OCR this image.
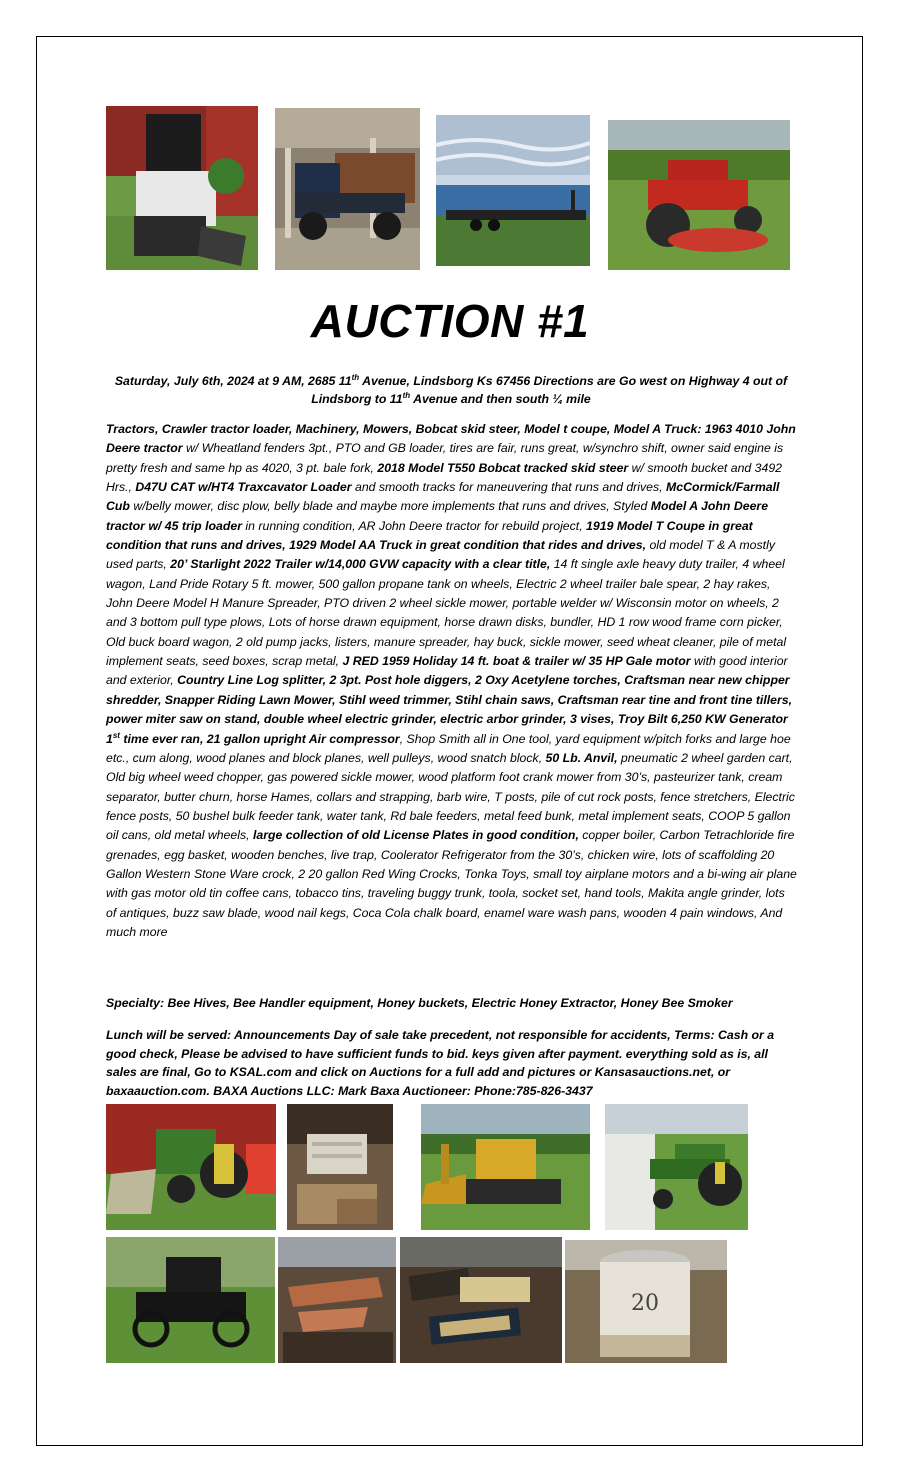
AUCTION #1
Saturday, July 6th, 2024 at 9 AM, 2685 11th Avenue, Lindsborg Ks 67456 Directions are Go west on Highway 4 out of Lindsborg to 11th Avenue and then south ¼ mile
Tractors, Crawler tractor loader, Machinery, Mowers, Bobcat skid steer, Model t coupe, Model A Truck: 1963 4010 John Deere tractor w/ Wheatland fenders 3pt., PTO and GB loader, tires are fair, runs great, w/synchro shift, owner said engine is pretty fresh and same hp as 4020, 3 pt. bale fork, 2018 Model T550 Bobcat tracked skid steer w/ smooth bucket and 3492 Hrs., D47U CAT w/HT4 Traxcavator Loader and smooth tracks for maneuvering that runs and drives, McCormick/Farmall Cub w/belly mower, disc plow, belly blade and maybe more implements that runs and drives, Styled Model A John Deere tractor w/ 45 trip loader in running condition, AR John Deere tractor for rebuild project, 1919 Model T Coupe in great condition that runs and drives, 1929 Model AA Truck in great condition that rides and drives, old model T & A mostly used parts, 20’ Starlight 2022 Trailer w/14,000 GVW capacity with a clear title, 14 ft single axle heavy duty trailer, 4 wheel wagon, Land Pride Rotary 5 ft. mower, 500 gallon propane tank on wheels, Electric 2 wheel trailer bale spear, 2 hay rakes, John Deere Model H Manure Spreader, PTO driven 2 wheel sickle mower, portable welder w/ Wisconsin motor on wheels, 2 and 3 bottom pull type plows, Lots of horse drawn equipment, horse drawn disks, bundler, HD 1 row wood frame corn picker, Old buck board wagon, 2 old pump jacks, listers, manure spreader, hay buck, sickle mower, seed wheat cleaner, pile of metal implement seats, seed boxes, scrap metal, J RED 1959 Holiday 14 ft. boat & trailer w/ 35 HP Gale motor with good interior and exterior, Country Line Log splitter, 2 3pt. Post hole diggers, 2 Oxy Acetylene torches, Craftsman near new chipper shredder, Snapper Riding Lawn Mower, Stihl weed trimmer, Stihl chain saws, Craftsman rear tine and front tine tillers, power miter saw on stand, double wheel electric grinder, electric arbor grinder, 3 vises, Troy Bilt 6,250 KW Generator 1st time ever ran, 21 gallon upright Air compressor, Shop Smith all in One tool, yard equipment w/pitch forks and large hoe etc., cum along, wood planes and block planes, well pulleys, wood snatch block, 50 Lb. Anvil, pneumatic 2 wheel garden cart, Old big wheel weed chopper, gas powered sickle mower, wood platform foot crank mower from 30’s, pasteurizer tank, cream separator, butter churn, horse Hames, collars and strapping, barb wire, T posts, pile of cut rock posts, fence stretchers, Electric fence posts, 50 bushel bulk feeder tank, water tank, Rd bale feeders, metal feed bunk, metal implement seats, COOP 5 gallon oil cans, old metal wheels, large collection of old License Plates in good condition, copper boiler, Carbon Tetrachloride fire grenades, egg basket, wooden benches, live trap, Coolerator Refrigerator from the 30’s, chicken wire, lots of scaffolding 20 Gallon Western Stone Ware crock, 2 20 gallon Red Wing Crocks, Tonka Toys, small toy airplane motors and a bi-wing air plane with gas motor old tin coffee cans, tobacco tins, traveling buggy trunk, toola, socket set, hand tools, Makita angle grinder, lots of antiques, buzz saw blade, wood nail kegs, Coca Cola chalk board, enamel ware wash pans, wooden 4 pain windows, And much more
Specialty: Bee Hives, Bee Handler equipment, Honey buckets, Electric Honey Extractor, Honey Bee Smoker
Lunch will be served: Announcements Day of sale take precedent, not responsible for accidents, Terms: Cash or a good check, Please be advised to have sufficient funds to bid. keys given after payment. everything sold as is, all sales are final, Go to KSAL.com and click on Auctions for a full add and pictures or Kansasauctions.net, or baxaauction.com. BAXA Auctions LLC: Mark Baxa Auctioneer: Phone:785-826-3437
20
